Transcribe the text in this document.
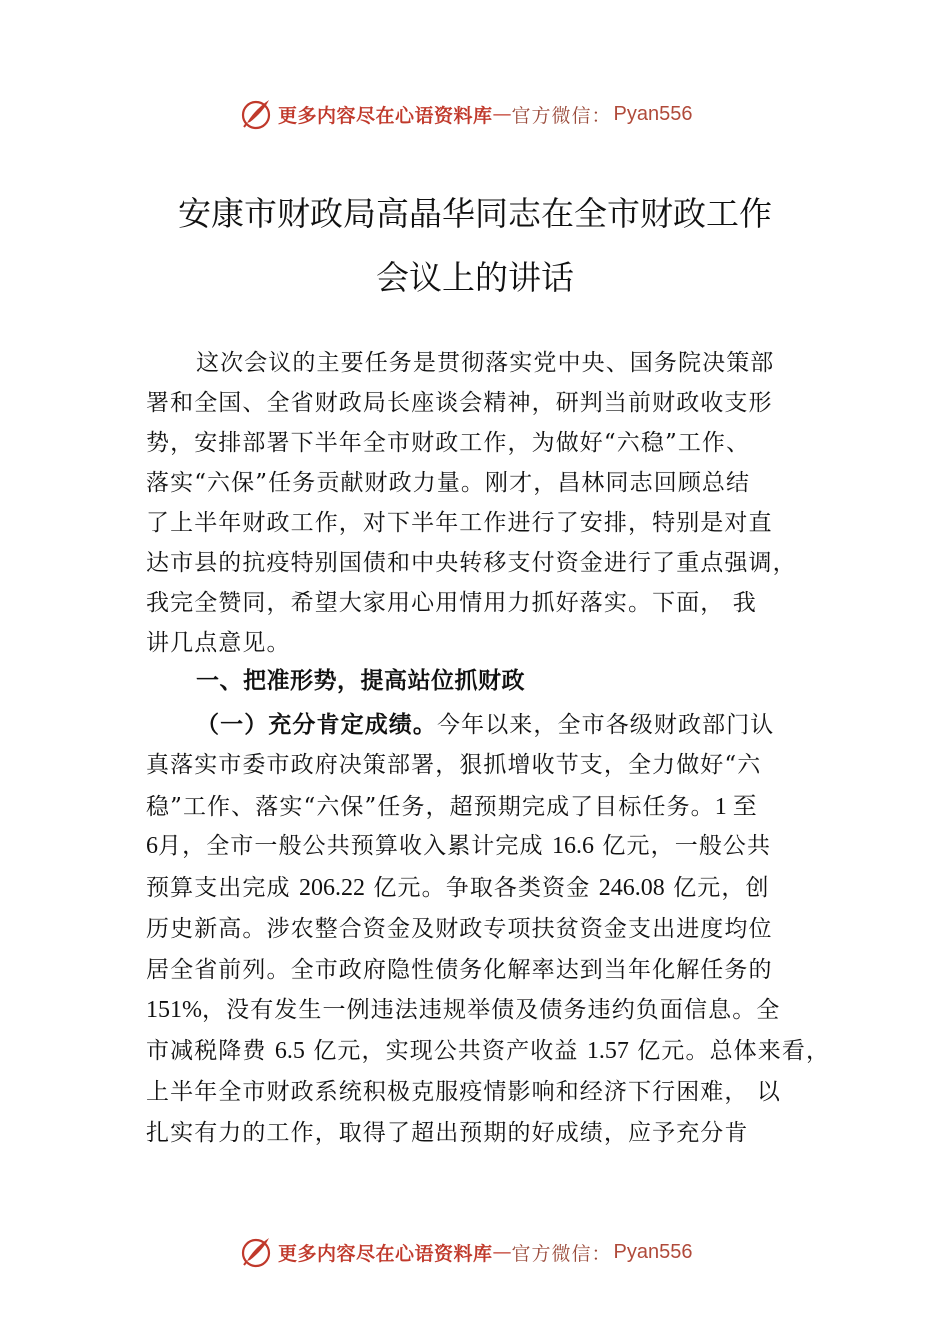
更多内容尽在心语资料库 — 官方微信： Pyan556
安康市财政局高晶华同志在全市财政工作
会议上的讲话
这次会议的主要任务是贯彻落实党中央、国务院决策部
署和全国、全省财政局长座谈会精神，研判当前财政收支形
势，安排部署下半年全市财政工作，为做好“六稳”工作、
落实“六保”任务贡献财政力量。刚才，昌林同志回顾总结
了上半年财政工作，对下半年工作进行了安排，特别是对直
达市县的抗疫特别国债和中央转移支付资金进行了重点强调，
我完全赞同，希望大家用心用情用力抓好落实。下面， 我
讲几点意见。
一、把准形势，提高站位抓财政
（一）充分肯定成绩。今年以来，全市各级财政部门认
真落实市委市政府决策部署，狠抓增收节支，全力做好“六
稳”工作、落实“六保”任务，超预期完成了目标任务。1 至
6月，全市一般公共预算收入累计完成 16.6 亿元，一般公共
预算支出完成 206.22 亿元。争取各类资金 246.08 亿元，创
历史新高。涉农整合资金及财政专项扶贫资金支出进度均位
居全省前列。全市政府隐性债务化解率达到当年化解任务的
151%，没有发生一例违法违规举债及债务违约负面信息。全
市减税降费 6.5 亿元，实现公共资产收益 1.57 亿元。总体来看，
上半年全市财政系统积极克服疫情影响和经济下行困难， 以
扎实有力的工作，取得了超出预期的好成绩，应予充分肯
更多内容尽在心语资料库 — 官方微信： Pyan556
